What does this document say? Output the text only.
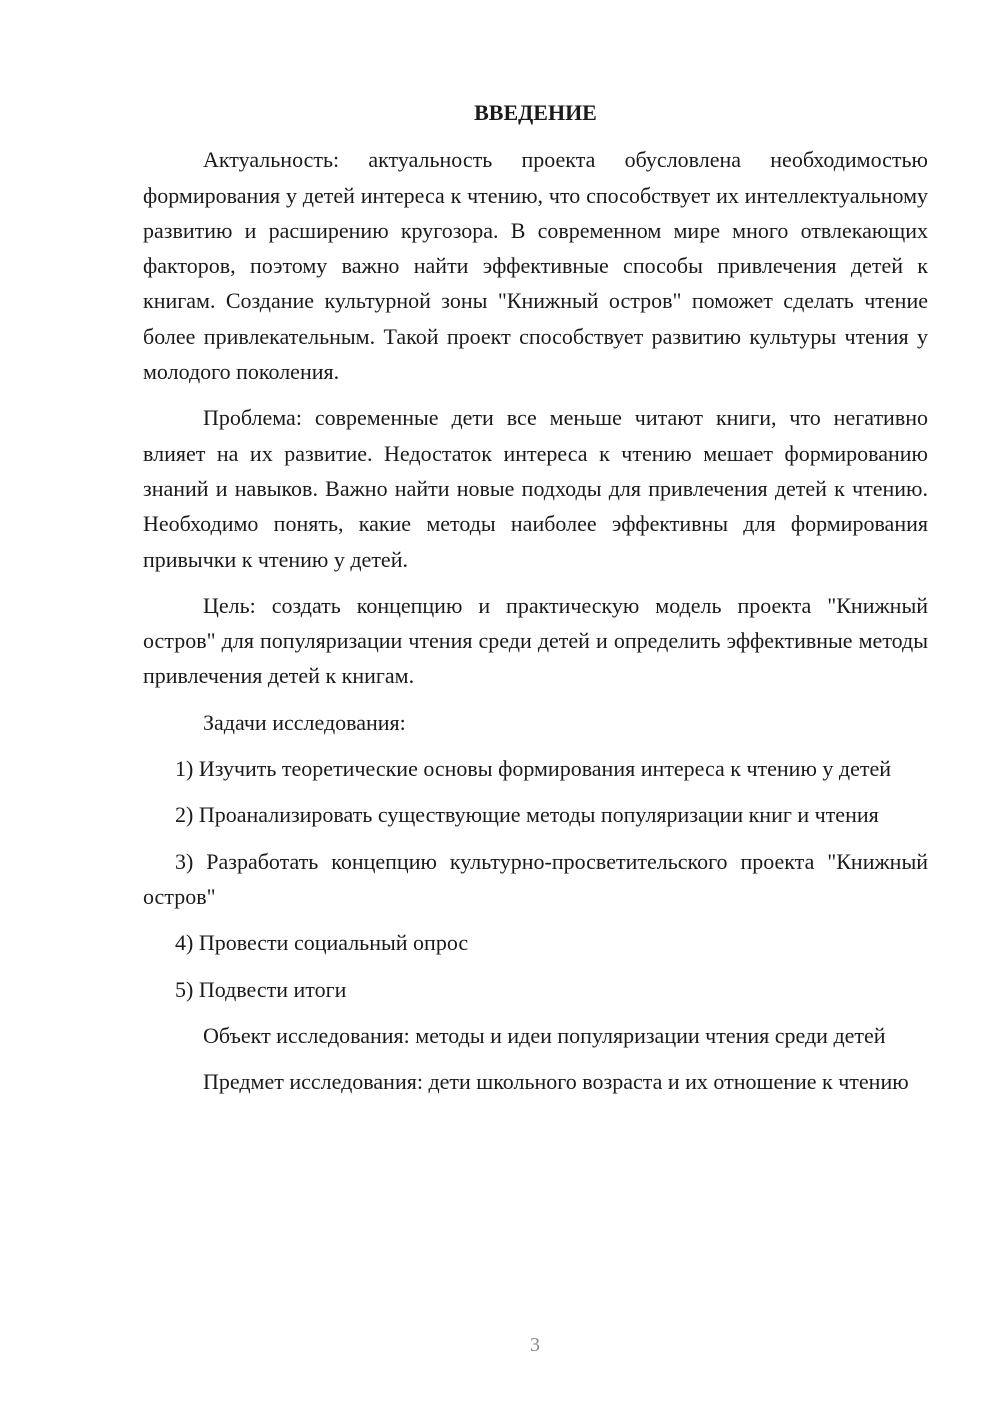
ВВЕДЕНИЕ

Актуальность: актуальность проекта обусловлена необходимостью формирования у детей интереса к чтению, что способствует их интеллектуальному развитию и расширению кругозора. В современном мире много отвлекающих факторов, поэтому важно найти эффективные способы привлечения детей к книгам. Создание культурной зоны "Книжный остров" поможет сделать чтение более привлекательным. Такой проект способствует развитию культуры чтения у молодого поколения.

Проблема: современные дети все меньше читают книги, что негативно влияет на их развитие. Недостаток интереса к чтению мешает формированию знаний и навыков. Важно найти новые подходы для привлечения детей к чтению. Необходимо понять, какие методы наиболее эффективны для формирования привычки к чтению у детей.

Цель: создать концепцию и практическую модель проекта "Книжный остров" для популяризации чтения среди детей и определить эффективные методы привлечения детей к книгам.

Задачи исследования:

1) Изучить теоретические основы формирования интереса к чтению у детей

2) Проанализировать существующие методы популяризации книг и чтения

3) Разработать концепцию культурно-просветительского проекта "Книжный остров"

4) Провести социальный опрос

5) Подвести итоги

Объект исследования: методы и идеи популяризации чтения среди детей

Предмет исследования: дети школьного возраста и их отношение к чтению

3
